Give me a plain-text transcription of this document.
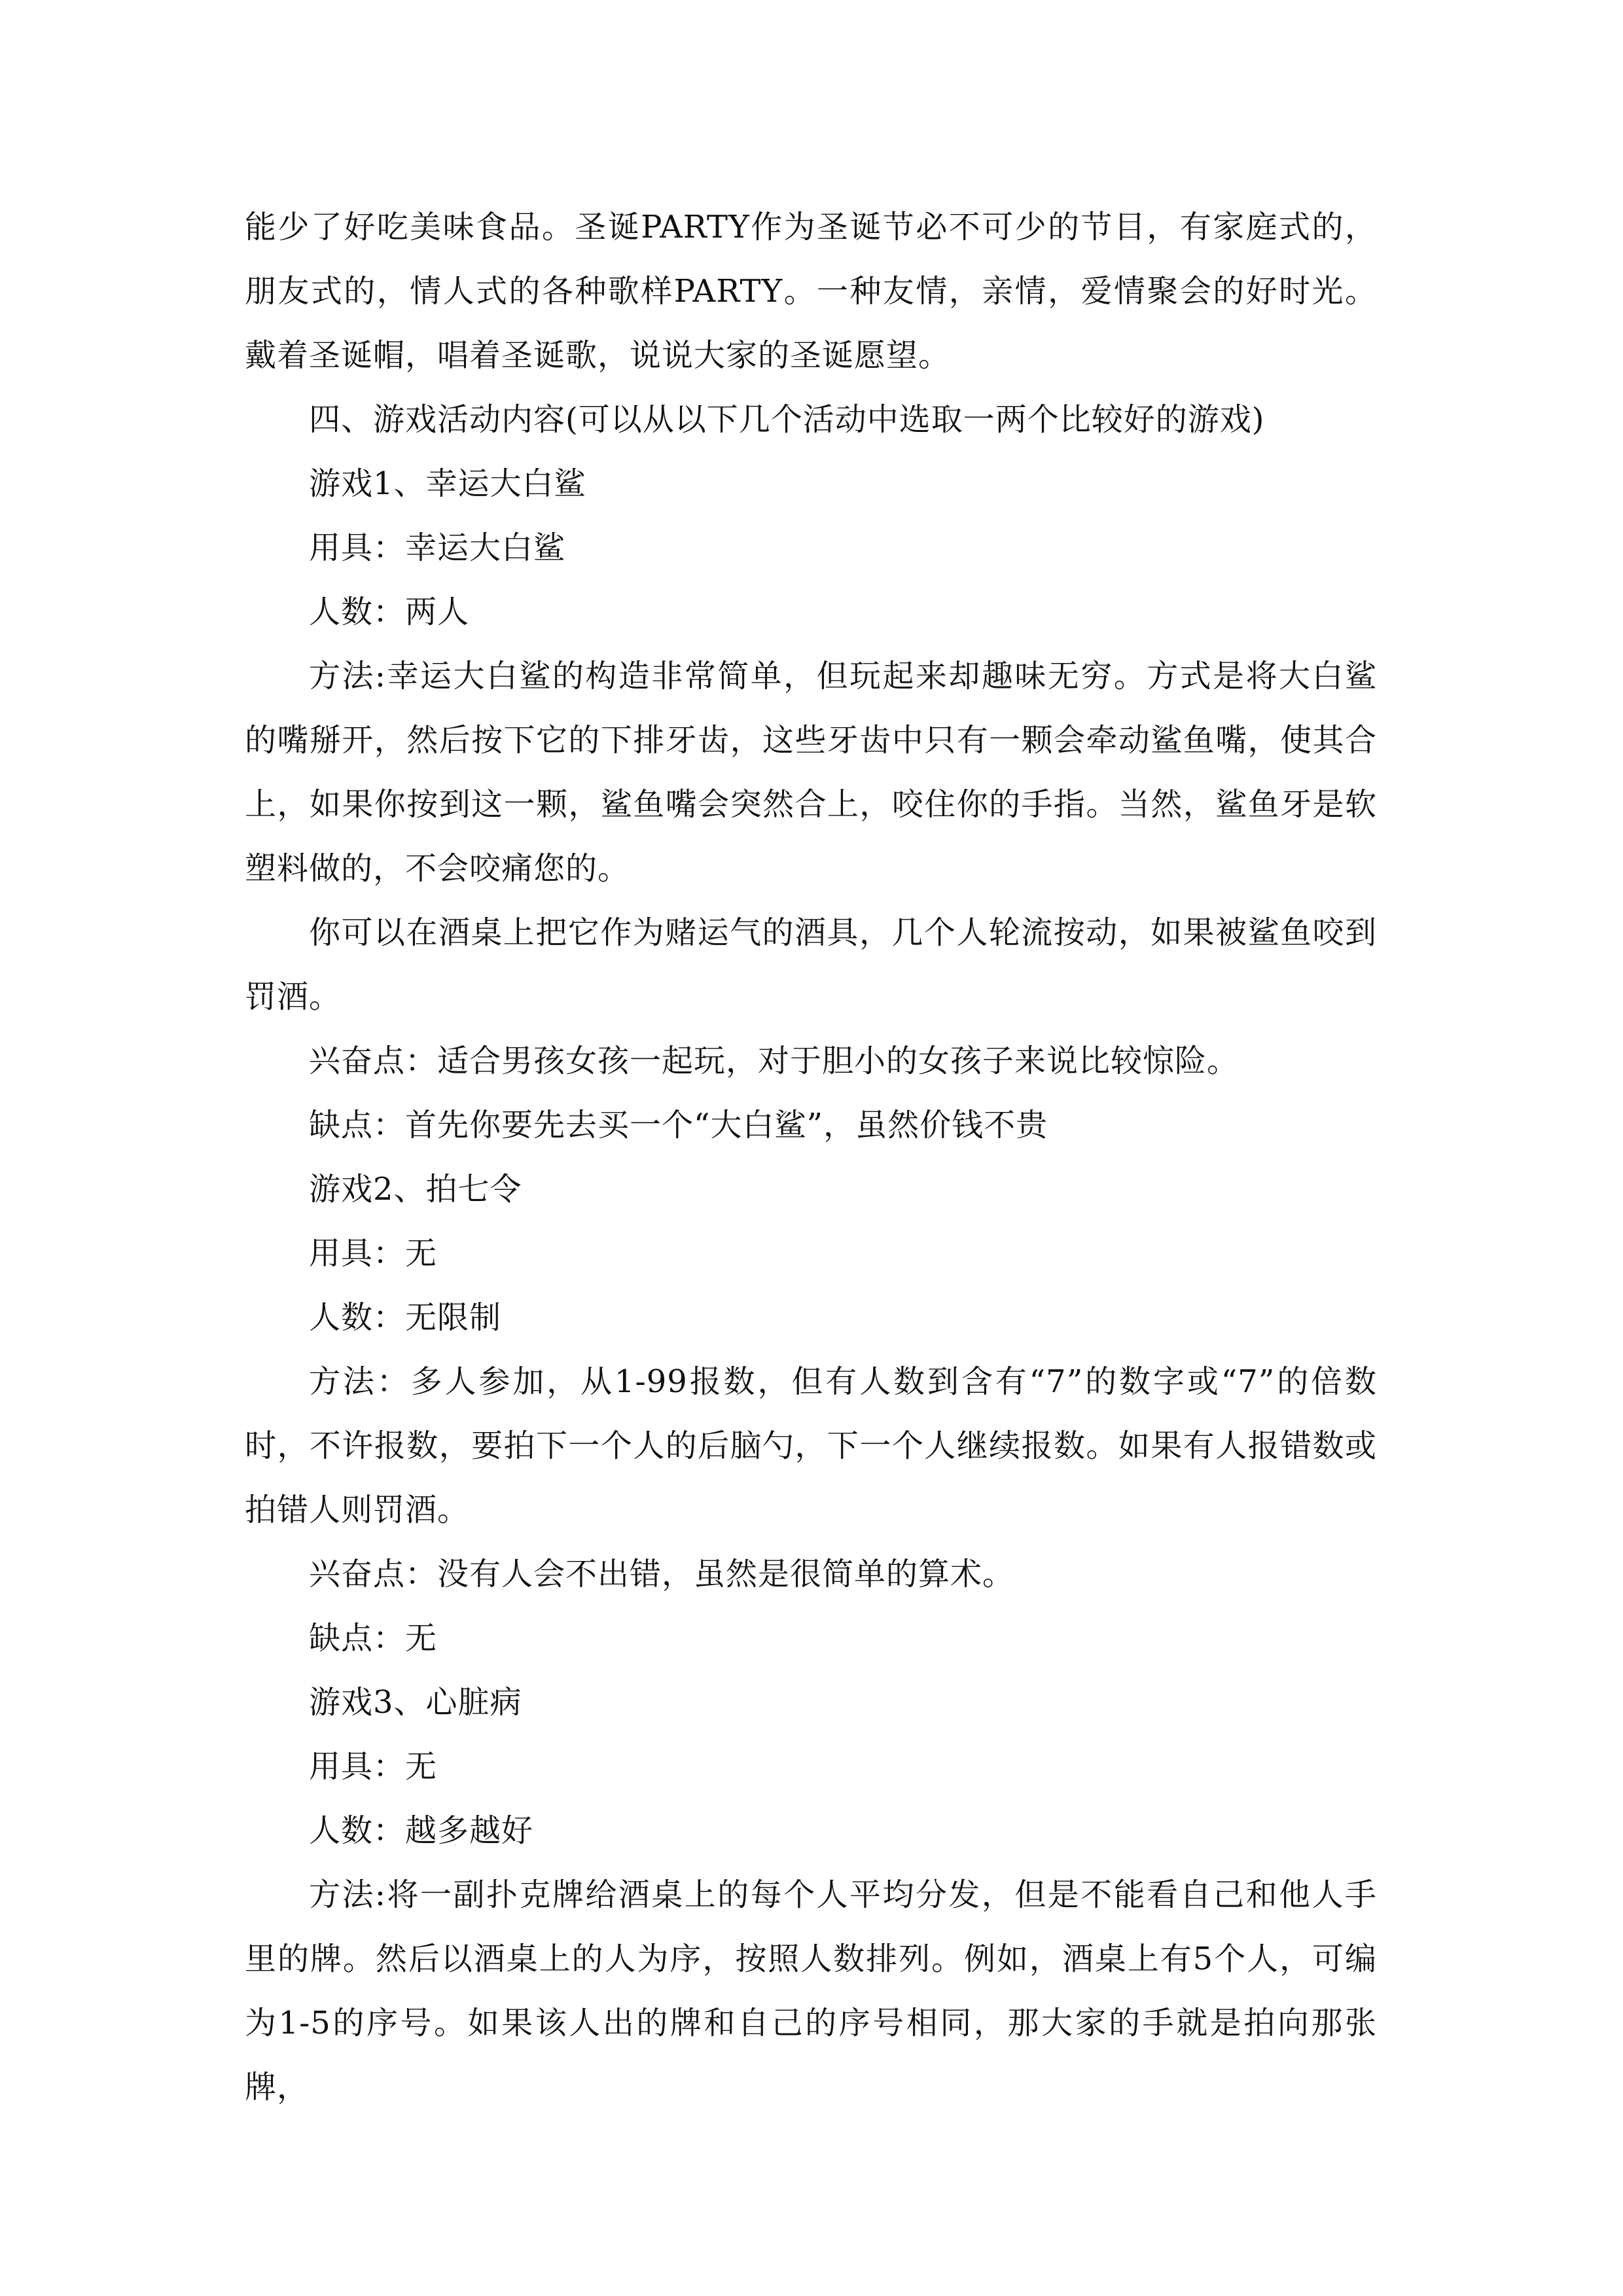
能少了好吃美味食品。圣诞PARTY作为圣诞节必不可少的节目，有家庭式的，朋友式的，情人式的各种歌样PARTY。一种友情，亲情，爱情聚会的好时光。戴着圣诞帽，唱着圣诞歌，说说大家的圣诞愿望。

四、游戏活动内容(可以从以下几个活动中选取一两个比较好的游戏)

游戏1、幸运大白鲨

用具：幸运大白鲨

人数：两人

方法:幸运大白鲨的构造非常简单，但玩起来却趣味无穷。方式是将大白鲨的嘴掰开，然后按下它的下排牙齿，这些牙齿中只有一颗会牵动鲨鱼嘴，使其合上，如果你按到这一颗，鲨鱼嘴会突然合上，咬住你的手指。当然，鲨鱼牙是软塑料做的，不会咬痛您的。

你可以在酒桌上把它作为赌运气的酒具，几个人轮流按动，如果被鲨鱼咬到罚酒。

兴奋点：适合男孩女孩一起玩，对于胆小的女孩子来说比较惊险。

缺点：首先你要先去买一个“大白鲨”，虽然价钱不贵

游戏2、拍七令

用具：无

人数：无限制

方法：多人参加，从1-99报数，但有人数到含有“7”的数字或“7”的倍数时，不许报数，要拍下一个人的后脑勺，下一个人继续报数。如果有人报错数或拍错人则罚酒。

兴奋点：没有人会不出错，虽然是很简单的算术。

缺点：无

游戏3、心脏病

用具：无

人数：越多越好

方法:将一副扑克牌给酒桌上的每个人平均分发，但是不能看自己和他人手里的牌。然后以酒桌上的人为序，按照人数排列。例如，酒桌上有5个人，可编为1-5的序号。如果该人出的牌和自己的序号相同，那大家的手就是拍向那张牌，
